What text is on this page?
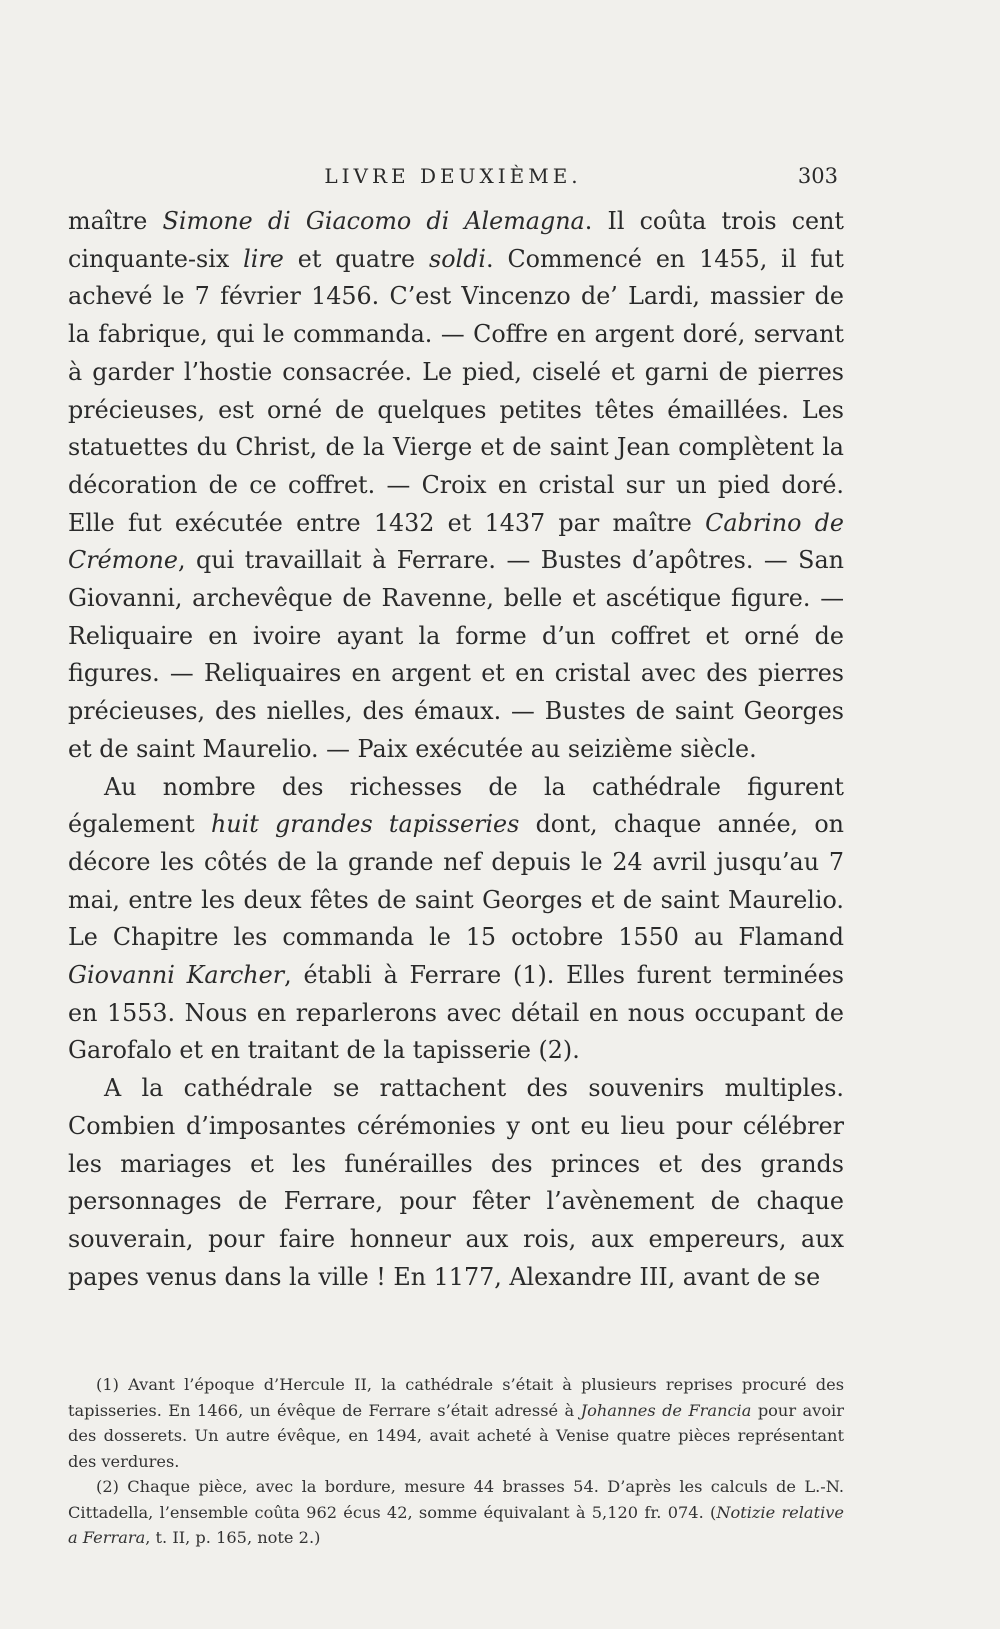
LIVRE DEUXIÈME.	303

maître Simone di Giacomo di Alemagna. Il coûta trois cent cinquante-six lire et quatre soldi. Commencé en 1455, il fut achevé le 7 février 1456. C’est Vincenzo de’ Lardi, massier de la fabrique, qui le commanda. — Coffre en argent doré, servant à garder l’hostie consacrée. Le pied, ciselé et garni de pierres précieuses, est orné de quelques petites têtes émaillées. Les statuettes du Christ, de la Vierge et de saint Jean complètent la décoration de ce coffret. — Croix en cristal sur un pied doré. Elle fut exécutée entre 1432 et 1437 par maître Cabrino de Crémone, qui travaillait à Ferrare. — Bustes d’apôtres. — San Giovanni, archevêque de Ravenne, belle et ascétique figure. — Reliquaire en ivoire ayant la forme d’un coffret et orné de figures. — Reliquaires en argent et en cristal avec des pierres précieuses, des nielles, des émaux. — Bustes de saint Georges et de saint Maurelio. — Paix exécutée au seizième siècle.

Au nombre des richesses de la cathédrale figurent également huit grandes tapisseries dont, chaque année, on décore les côtés de la grande nef depuis le 24 avril jusqu’au 7 mai, entre les deux fêtes de saint Georges et de saint Maurelio. Le Chapitre les commanda le 15 octobre 1550 au Flamand Giovanni Karcher, établi à Ferrare (1). Elles furent terminées en 1553. Nous en reparlerons avec détail en nous occupant de Garofalo et en traitant de la tapisserie (2).

A la cathédrale se rattachent des souvenirs multiples. Combien d’imposantes cérémonies y ont eu lieu pour célébrer les mariages et les funérailles des princes et des grands personnages de Ferrare, pour fêter l’avènement de chaque souverain, pour faire honneur aux rois, aux empereurs, aux papes venus dans la ville ! En 1177, Alexandre III, avant de se

(1) Avant l’époque d’Hercule II, la cathédrale s’était à plusieurs reprises procuré des tapisseries. En 1466, un évêque de Ferrare s’était adressé à Johannes de Francia pour avoir des dosserets. Un autre évêque, en 1494, avait acheté à Venise quatre pièces représentant des verdures.

(2) Chaque pièce, avec la bordure, mesure 44 brasses 54. D’après les calculs de L.-N. Cittadella, l’ensemble coûta 962 écus 42, somme équivalant à 5,120 fr. 074. (Notizie relative a Ferrara, t. II, p. 165, note 2.)
